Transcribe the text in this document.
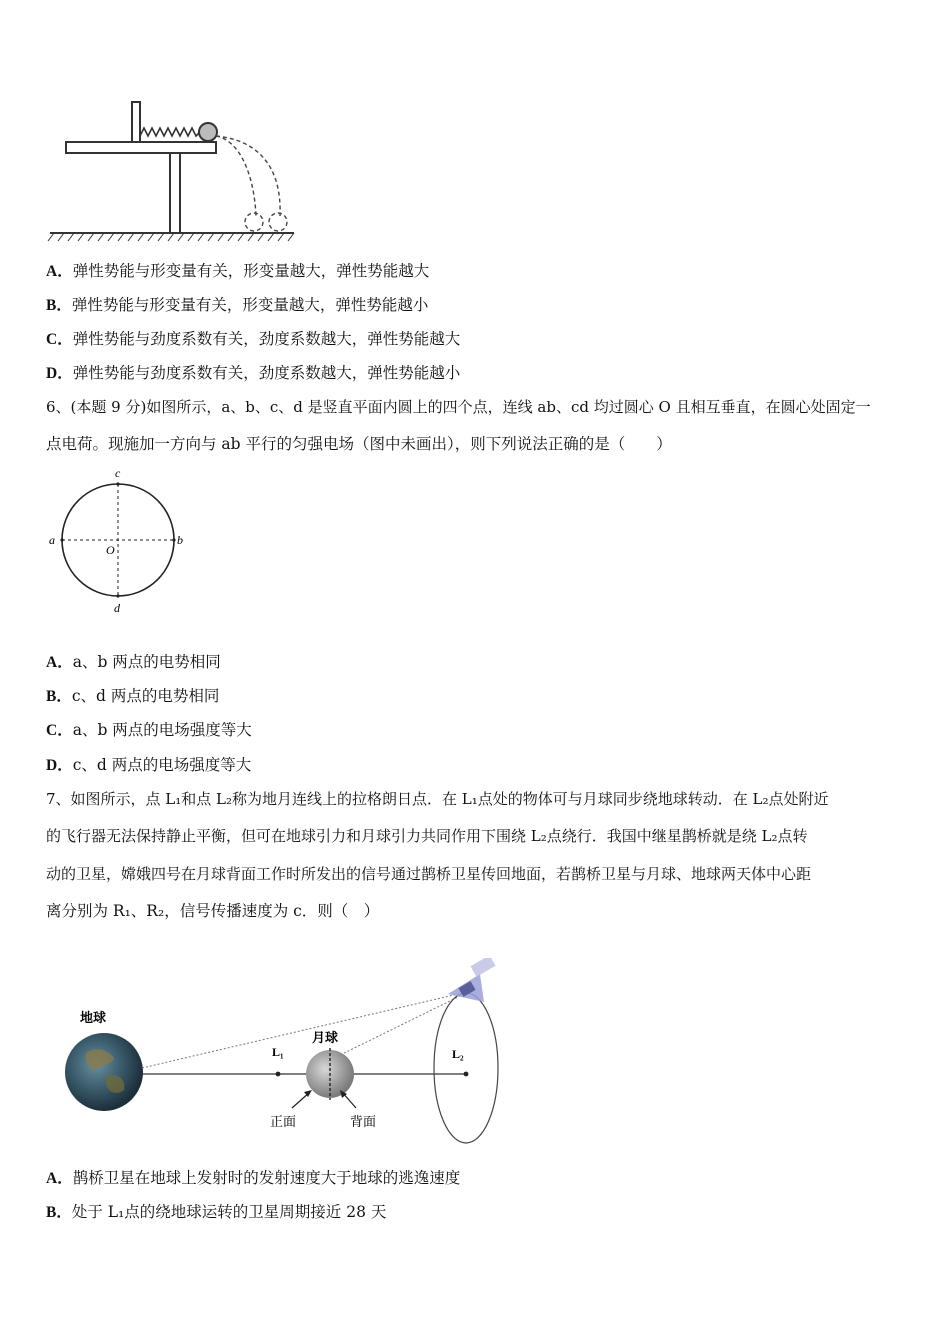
A．弹性势能与形变量有关，形变量越大，弹性势能越大
B．弹性势能与形变量有关，形变量越大，弹性势能越小
C．弹性势能与劲度系数有关，劲度系数越大，弹性势能越大
D．弹性势能与劲度系数有关，劲度系数越大，弹性势能越小
6、(本题 9 分)如图所示，a、b、c、d 是竖直平面内圆上的四个点，连线 ab、cd 均过圆心 O 且相互垂直，在圆心处固定一
点电荷。现施加一方向与 ab 平行的匀强电场（图中未画出），则下列说法正确的是（　　）
c
a	b
O
d
A．a、b 两点的电势相同
B．c、d 两点的电势相同
C．a、b 两点的电场强度等大
D．c、d 两点的电场强度等大
7、如图所示，点 L₁和点 L₂称为地月连线上的拉格朗日点．在 L₁点处的物体可与月球同步绕地球转动．在 L₂点处附近
的飞行器无法保持静止平衡，但可在地球引力和月球引力共同作用下围绕 L₂点绕行．我国中继星鹊桥就是绕 L₂点转
动的卫星，嫦娥四号在月球背面工作时所发出的信号通过鹊桥卫星传回地面，若鹊桥卫星与月球、地球两天体中心距
离分别为 R₁、R₂，信号传播速度为 c．则（　）
地球
L₁
月球
正面	背面
L₂
A．鹊桥卫星在地球上发射时的发射速度大于地球的逃逸速度
B．处于 L₁点的绕地球运转的卫星周期接近 28 天
